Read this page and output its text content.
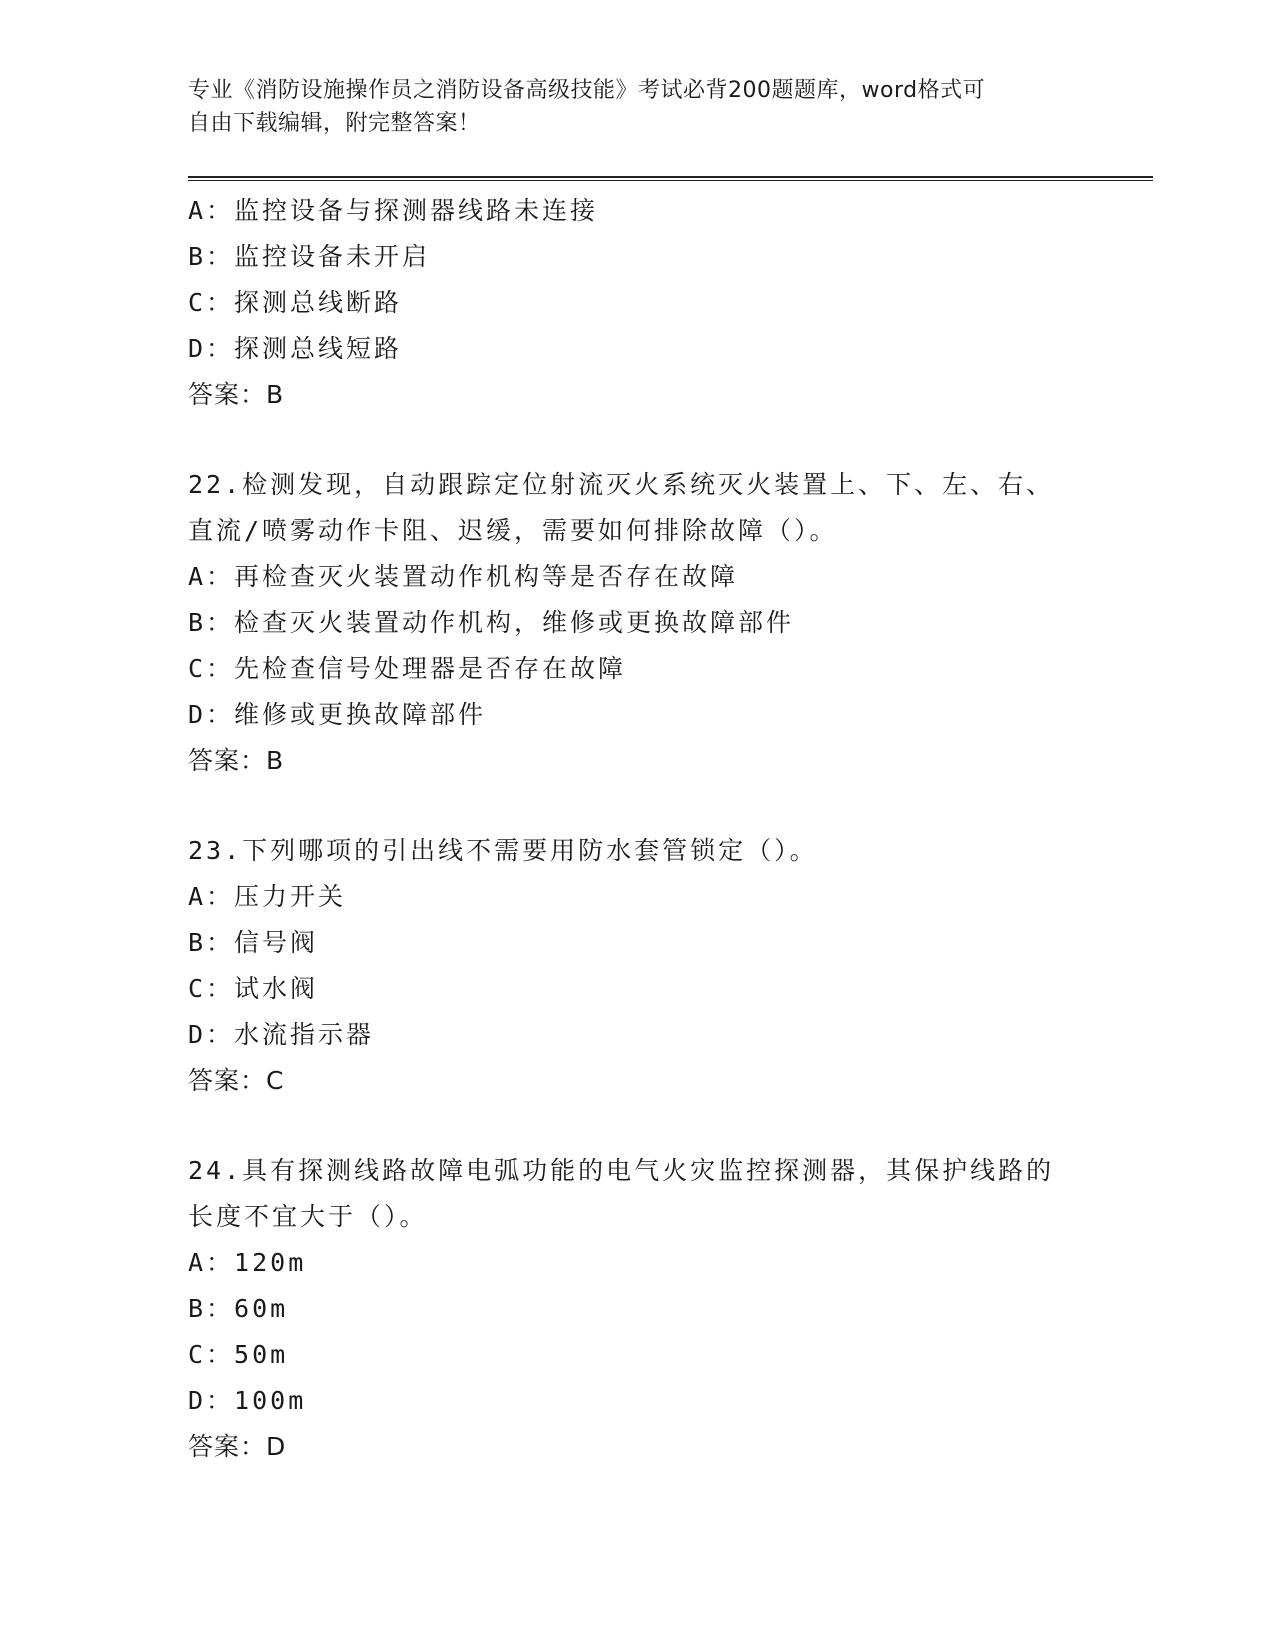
专业《消防设施操作员之消防设备高级技能》考试必背200题题库，word格式可
自由下载编辑，附完整答案！
A：监控设备与探测器线路未连接
B：监控设备未开启
C：探测总线断路
D：探测总线短路
答案：B
22.检测发现，自动跟踪定位射流灭火系统灭火装置上、下、左、右、
直流/喷雾动作卡阻、迟缓，需要如何排除故障（）。
A：再检查灭火装置动作机构等是否存在故障
B：检查灭火装置动作机构，维修或更换故障部件
C：先检查信号处理器是否存在故障
D：维修或更换故障部件
答案：B
23.下列哪项的引出线不需要用防水套管锁定（）。
A：压力开关
B：信号阀
C：试水阀
D：水流指示器
答案：C
24.具有探测线路故障电弧功能的电气火灾监控探测器，其保护线路的
长度不宜大于（）。
A：120m
B：60m
C：50m
D：100m
答案：D
